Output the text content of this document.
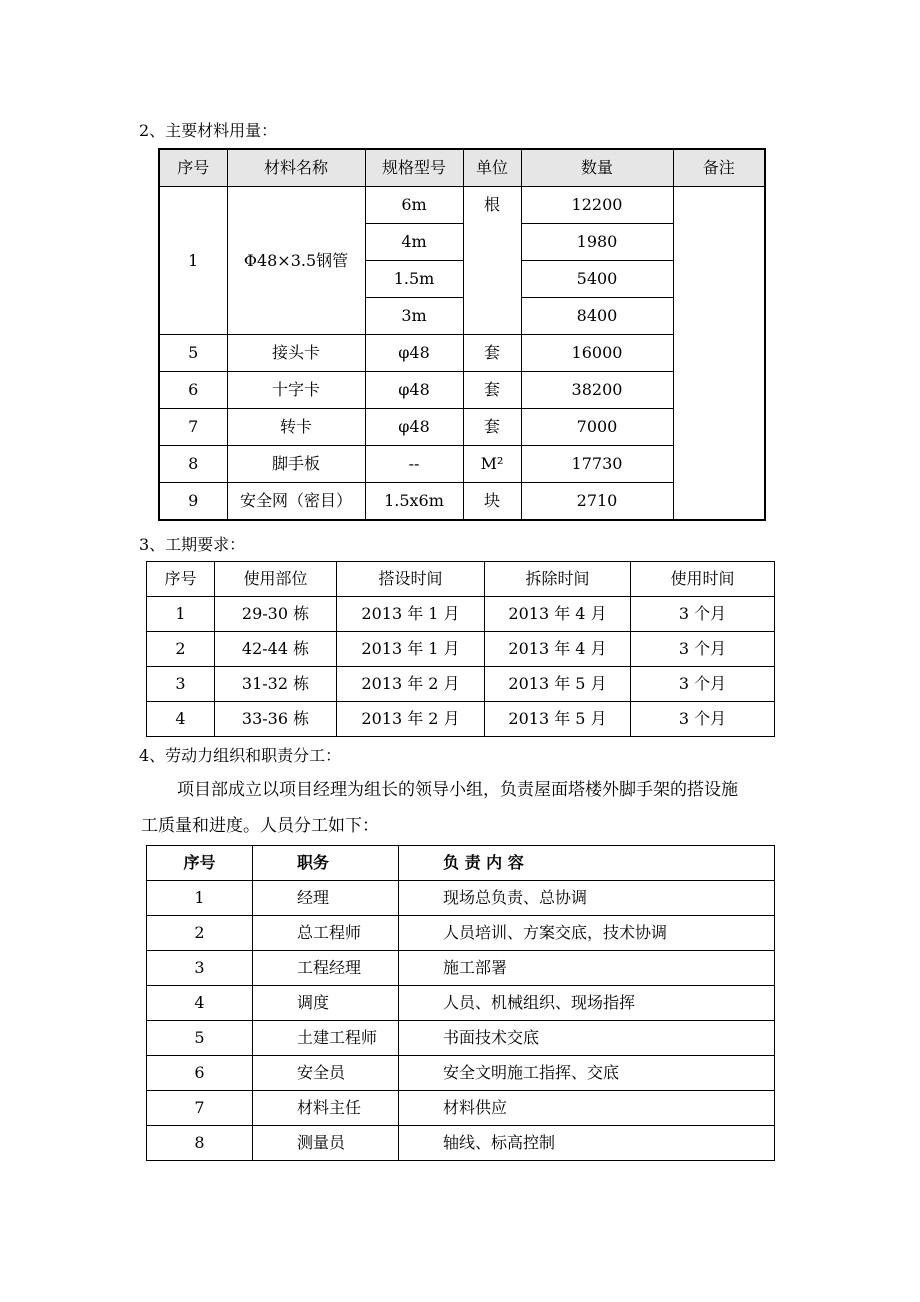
2、主要材料用量：
序号	材料名称	规格型号	单位	数量	备注
1	Φ48×3.5钢管	6m	根	12200	
		4m		1980	
		1.5m		5400	
		3m		8400	
5	接头卡	φ48	套	16000	
6	十字卡	φ48	套	38200	
7	转卡	φ48	套	7000	
8	脚手板	--	M²	17730	
9	安全网（密目）	1.5x6m	块	2710	
3、工期要求：
序号	使用部位	搭设时间	拆除时间	使用时间
1	29-30 栋	2013 年 1 月	2013 年 4 月	3 个月
2	42-44 栋	2013 年 1 月	2013 年 4 月	3 个月
3	31-32 栋	2013 年 2 月	2013 年 5 月	3 个月
4	33-36 栋	2013 年 2 月	2013 年 5 月	3 个月
4、劳动力组织和职责分工：
项目部成立以项目经理为组长的领导小组，负责屋面塔楼外脚手架的搭设施
工质量和进度。人员分工如下：
序号	职务	负 责 内 容
1	经理	现场总负责、总协调
2	总工程师	人员培训、方案交底，技术协调
3	工程经理	施工部署
4	调度	人员、机械组织、现场指挥
5	土建工程师	书面技术交底
6	安全员	安全文明施工指挥、交底
7	材料主任	材料供应
8	测量员	轴线、标高控制
